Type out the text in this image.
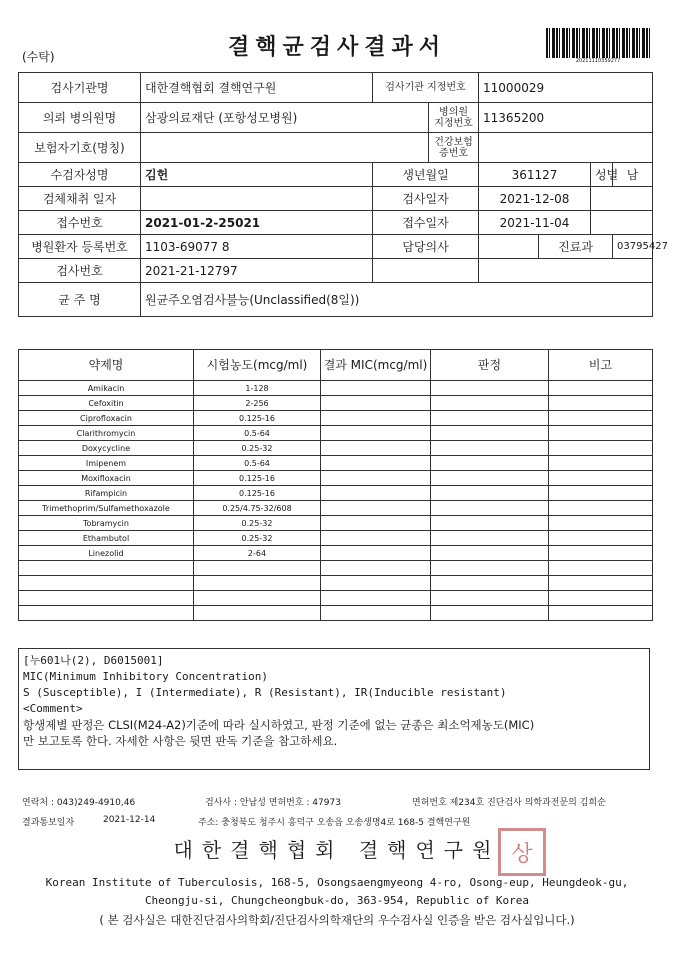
(수탁)	결핵균검사결과서
20211110359277
검사기관명	대한결핵협회 결핵연구원	검사기관 지정번호		11000029			
의뢰 병의원명	삼광의료재단 (포항성모병원)		병의원 지정번호	11365200			
보험자기호(명칭)			건강보험 증번호				
수검자성명	김헌	생년월일		361127		성별	남
검체채취 일자		검사일자		2021-12-08			
접수번호	2021-01-2-25021	접수일자		2021-11-04			
병원환자 등록번호	1103-69077 8	담당의사			진료과		03795427
검사번호	2021-21-12797						
균 주 명	원균주오염검사불능(Unclassified(8일))						
약제명	시험농도(mcg/ml)	결과 MIC(mcg/ml)	판정	비고
Amikacin	1-128			
Cefoxitin	2-256			
Ciprofloxacin	0.125-16			
Clarithromycin	0.5-64			
Doxycycline	0.25-32			
Imipenem	0.5-64			
Moxifloxacin	0.125-16			
Rifampicin	0.125-16			
Trimethoprim/Sulfamethoxazole	0.25/4.75-32/608			
Tobramycin	0.25-32			
Ethambutol	0.25-32			
Linezolid	2-64			

[누601나(2), D6015001]
MIC(Minimum Inhibitory Concentration)
S (Susceptible), I (Intermediate), R (Resistant), IR(Inducible resistant)
<Comment>
항생제별 판정은 CLSI(M24-A2)기준에 따라 실시하였고, 판정 기준에 없는 균종은 최소억제농도(MIC)
만 보고토록 한다. 자세한 사항은 뒷면 판독 기준을 참고하세요.
연락처 : 043)249-4910,46	검사사 : 안남성 면허번호 : 47973	면허번호 제234호 진단검사 의학과전문의 김희순
결과통보일자	2021-12-14	주소: 충청북도 청주시 흥덕구 오송읍 오송생명4로 168-5 결핵연구원
대한결핵협회 결핵연구원 상
Korean Institute of Tuberculosis, 168-5, Osongsaengmyeong 4-ro, Osong-eup, Heungdeok-gu,
Cheongju-si, Chungcheongbuk-do, 363-954, Republic of Korea
( 본 검사실은 대한진단검사의학회/진단검사의학재단의 우수검사실 인증을 받은 검사실입니다.)
